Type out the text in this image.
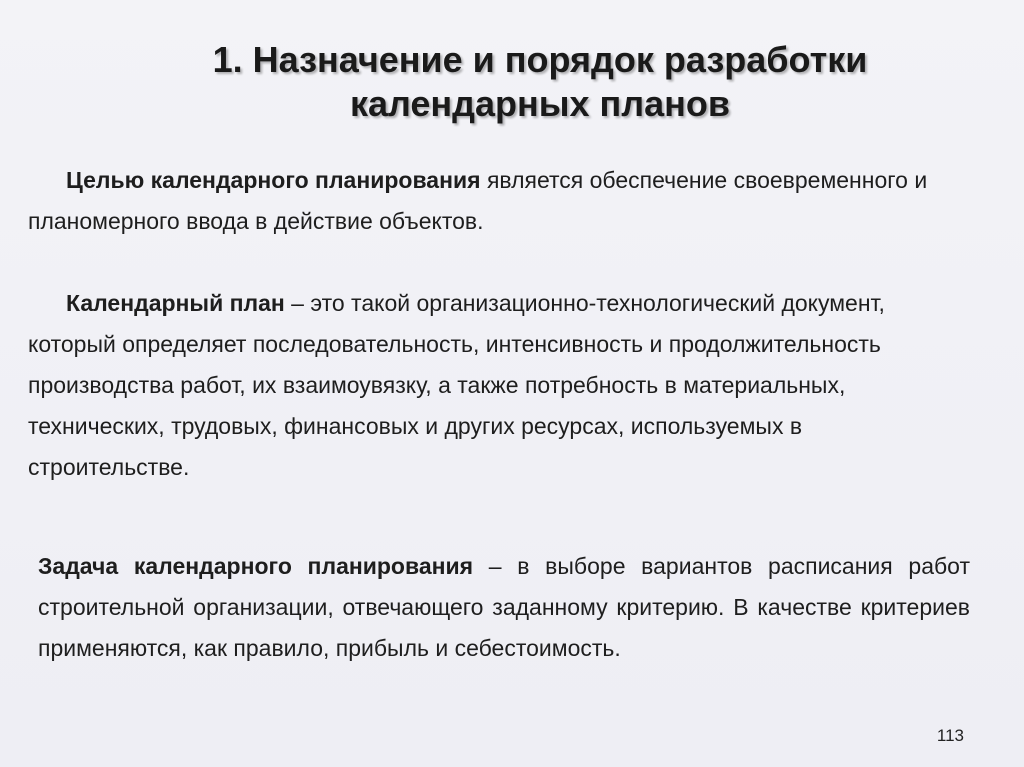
1. Назначение и порядок разработки
календарных планов
Целью календарного планирования является обеспечение своевременного и планомерного ввода в действие объектов.
Календарный план – это такой организационно-технологический документ, который определяет последовательность, интенсивность и продолжительность производства работ, их взаимоувязку, а также потребность в материальных, технических, трудовых, финансовых и других ресурсах, используемых в строительстве.
Задача календарного планирования – в выборе вариантов расписания работ строительной организации, отвечающего заданному критерию. В качестве критериев применяются, как правило, прибыль и себестоимость.
113
